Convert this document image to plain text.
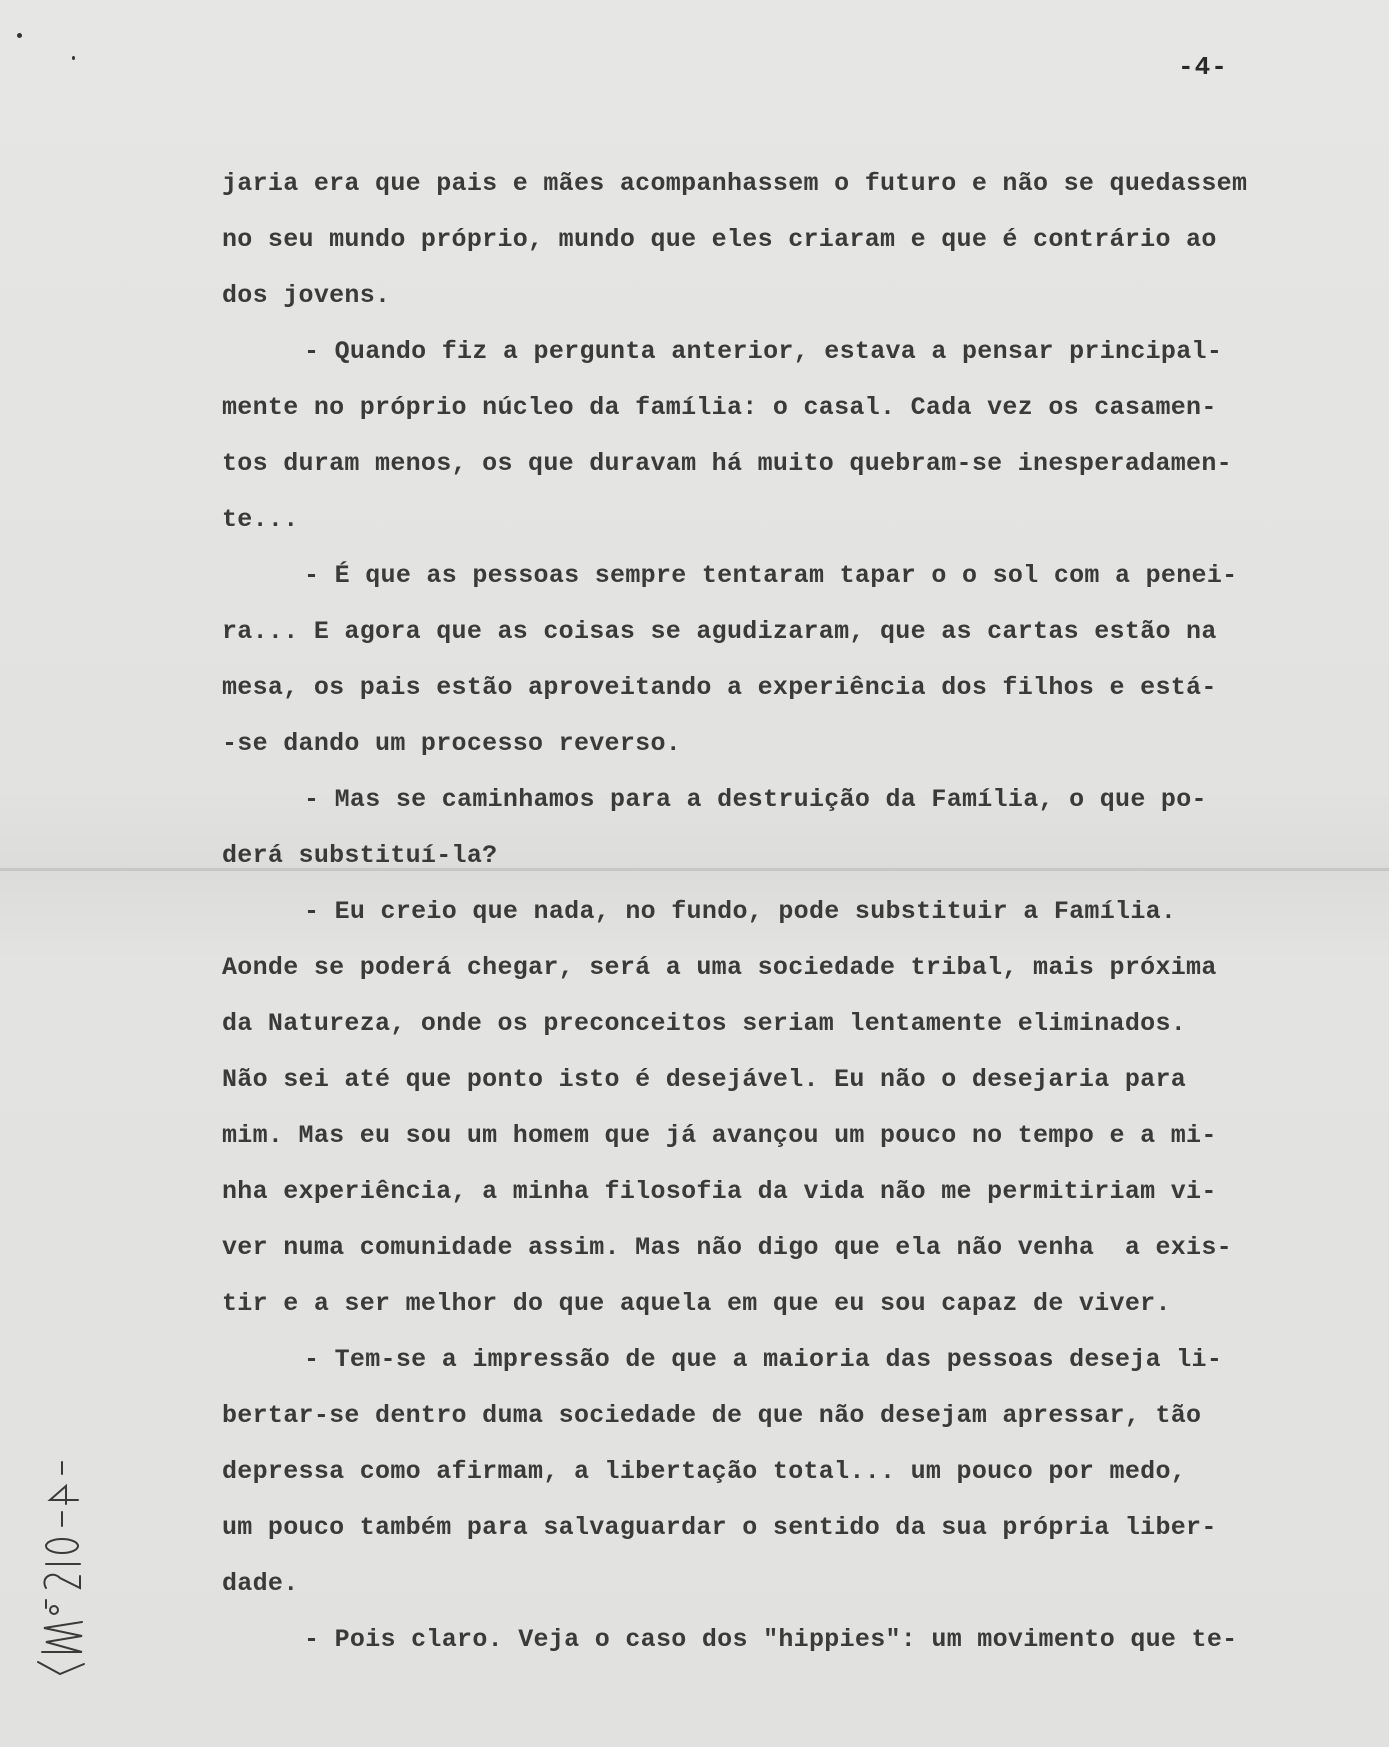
-4-
jaria era que pais e mães acompanhassem o futuro e não se quedassem
no seu mundo próprio, mundo que eles criaram e que é contrário ao
dos jovens.
- Quando fiz a pergunta anterior, estava a pensar principal-
mente no próprio núcleo da família: o casal. Cada vez os casamen-
tos duram menos, os que duravam há muito quebram-se inesperadamen-
te...
- É que as pessoas sempre tentaram tapar o o sol com a penei-
ra... E agora que as coisas se agudizaram, que as cartas estão na
mesa, os pais estão aproveitando a experiência dos filhos e está-
-se dando um processo reverso.
- Mas se caminhamos para a destruição da Família, o que po-
derá substituí-la?
- Eu creio que nada, no fundo, pode substituir a Família.
Aonde se poderá chegar, será a uma sociedade tribal, mais próxima
da Natureza, onde os preconceitos seriam lentamente eliminados.
Não sei até que ponto isto é desejável. Eu não o desejaria para
mim. Mas eu sou um homem que já avançou um pouco no tempo e a mi-
nha experiência, a minha filosofia da vida não me permitiriam vi-
ver numa comunidade assim. Mas não digo que ela não venha  a exis-
tir e a ser melhor do que aquela em que eu sou capaz de viver.
- Tem-se a impressão de que a maioria das pessoas deseja li-
bertar-se dentro duma sociedade de que não desejam apressar, tão
depressa como afirmam, a libertação total... um pouco por medo,
um pouco também para salvaguardar o sentido da sua própria liber-
dade.
- Pois claro. Veja o caso dos "hippies": um movimento que te-
